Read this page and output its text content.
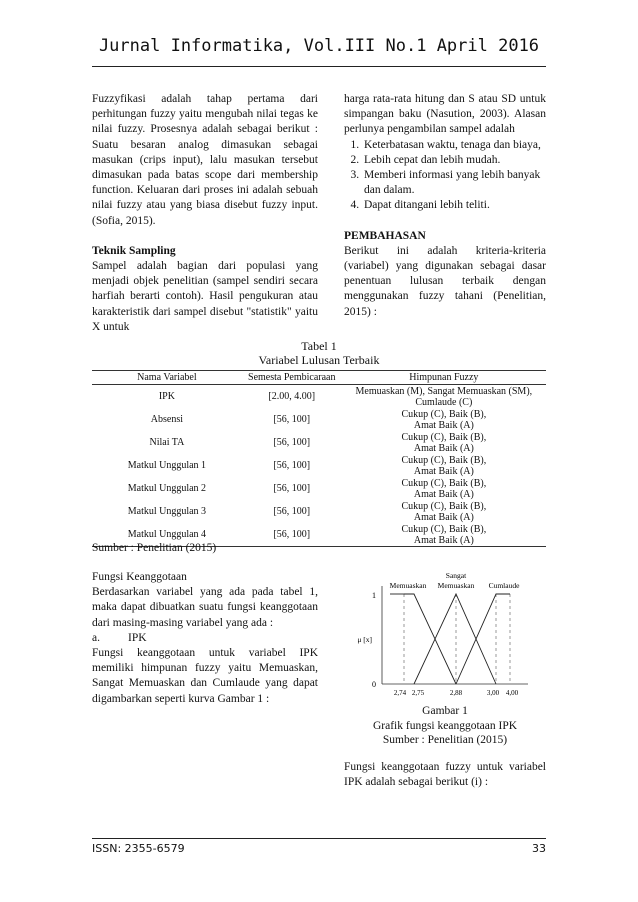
Jurnal Informatika, Vol.III No.1 April 2016

Fuzzyfikasi adalah tahap pertama dari perhitungan fuzzy yaitu mengubah nilai tegas ke nilai fuzzy. Prosesnya adalah sebagai berikut : Suatu besaran analog dimasukan sebagai masukan (crips input), lalu masukan tersebut dimasukan pada batas scope dari membership function. Keluaran dari proses ini adalah sebuah nilai fuzzy atau yang biasa disebut fuzzy input. (Sofia, 2015).

Teknik Sampling

Sampel adalah bagian dari populasi yang menjadi objek penelitian (sampel sendiri secara harfiah berarti contoh). Hasil pengukuran atau karakteristik dari sampel disebut "statistik" yaitu X untuk

harga rata-rata hitung dan S atau SD untuk simpangan baku (Nasution, 2003). Alasan perlunya pengambilan sampel adalah

1. Keterbatasan waktu, tenaga dan biaya,
2. Lebih cepat dan lebih mudah.
3. Memberi informasi yang lebih banyak dan dalam.
4. Dapat ditangani lebih teliti.

PEMBAHASAN

Berikut ini adalah kriteria-kriteria (variabel) yang digunakan sebagai dasar penentuan lulusan terbaik dengan menggunakan fuzzy tahani (Penelitian, 2015) :

Tabel 1
Variabel Lulusan Terbaik
Nama Variabel	Semesta Pembicaraan	Himpunan Fuzzy
IPK	[2.00, 4.00]	Memuaskan (M), Sangat Memuaskan (SM),
Cumlaude (C)

Absensi	[56, 100]	Cukup (C), Baik (B),
Amat Baik (A)

Nilai TA	[56, 100]	Cukup (C), Baik (B),
Amat Baik (A)

Matkul Unggulan 1	[56, 100]	Cukup (C), Baik (B),
Amat Baik (A)

Matkul Unggulan 2	[56, 100]	Cukup (C), Baik (B),
Amat Baik (A)

Matkul Unggulan 3	[56, 100]	Cukup (C), Baik (B),
Amat Baik (A)

Matkul Unggulan 4	[56, 100]	Cukup (C), Baik (B),
Amat Baik (A)
Sumber : Penelitian (2015)

Fungsi Keanggotaan

Berdasarkan variabel yang ada pada tabel 1, maka dapat dibuatkan suatu fungsi keanggotaan dari masing-masing variabel yang ada :

a. IPK

Fungsi keanggotaan untuk variabel IPK memiliki himpunan fuzzy yaitu Memuaskan, Sangat Memuaskan dan Cumlaude yang dapat digambarkan seperti kurva Gambar 1 :

1
0
μ [x]
2,74 2,75	2,88	3,00 4,00
Memuaskan
Sangat
Memuaskan Cumlaude
Gambar 1
Grafik fungsi keanggotaan IPK
Sumber : Penelitian (2015)

Fungsi keanggotaan fuzzy untuk variabel IPK adalah sebagai berikut (i) :

ISSN: 2355-6579	33
